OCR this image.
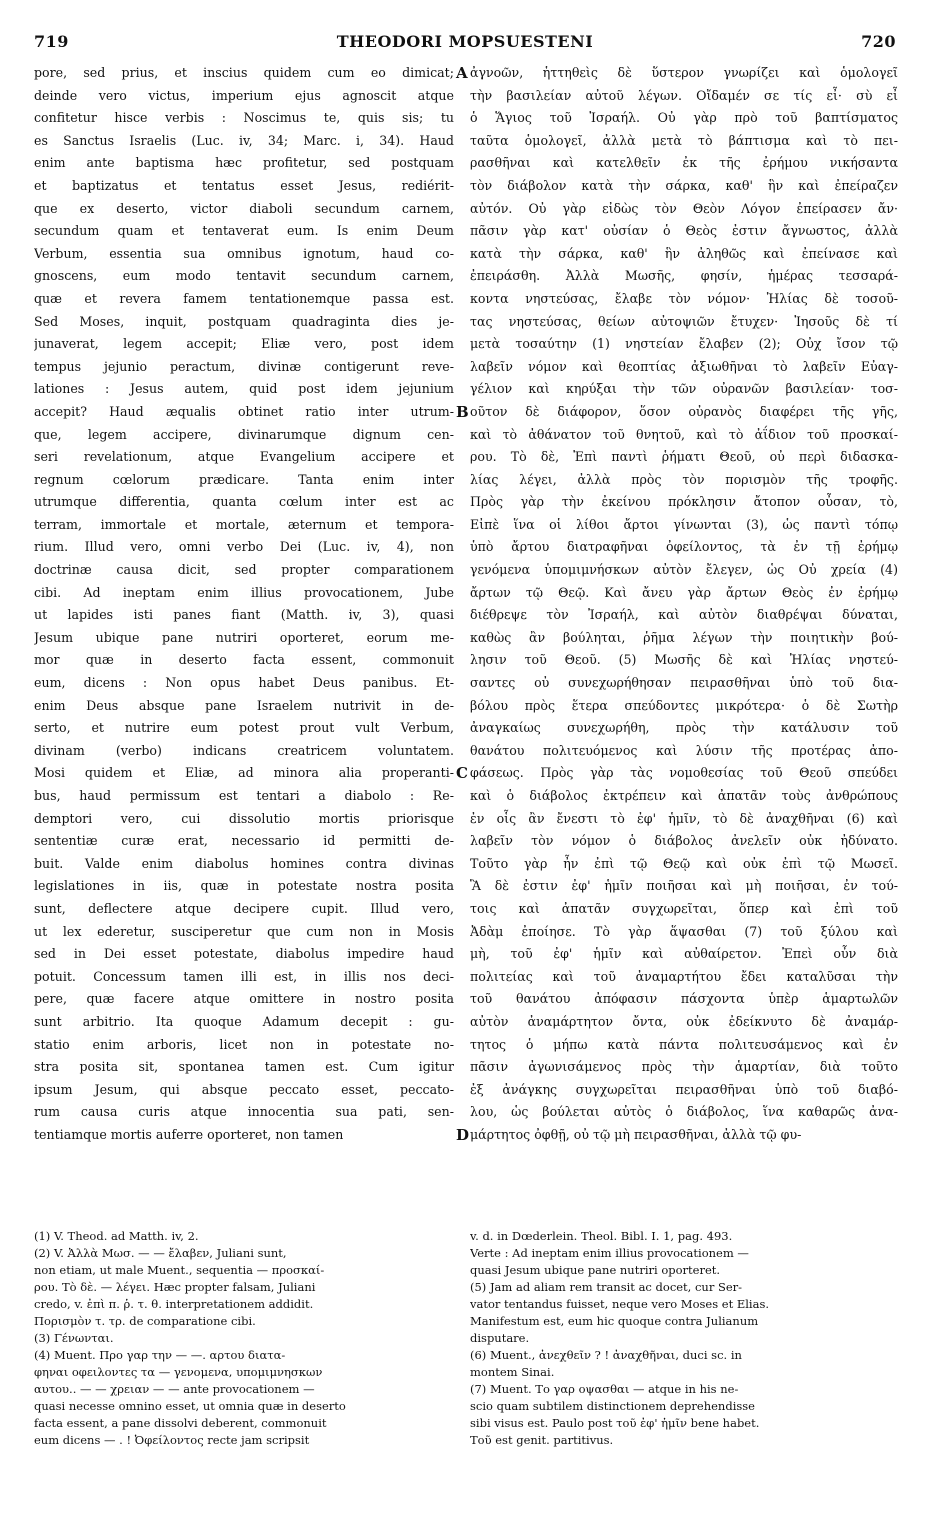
719	THEODORI MOPSUESTENI	720
pore, sed prius, et inscius quidem cum eo dimicat;
deinde vero victus, imperium ejus agnoscit atque
confitetur hisce verbis : Noscimus te, quis sis; tu
es Sanctus Israelis (Luc. iv, 34; Marc. i, 34). Haud
enim ante baptisma hæc profitetur, sed postquam
et baptizatus et tentatus esset Jesus, rediérit-
que ex deserto, victor diaboli secundum carnem,
secundum quam et tentaverat eum. Is enim Deum
Verbum, essentia sua omnibus ignotum, haud co-
gnoscens, eum modo tentavit secundum carnem,
quæ et revera famem tentationemque passa est.
Sed Moses, inquit, postquam quadraginta dies je-
junaverat, legem accepit; Eliæ vero, post idem
tempus jejunio peractum, divinæ contigerunt reve-
lationes : Jesus autem, quid post idem jejunium
accepit? Haud æqualis obtinet ratio inter utrum-
que, legem accipere, divinarumque dignum cen-
seri revelationum, atque Evangelium accipere et
regnum cœlorum prædicare. Tanta enim inter
utrumque differentia, quanta cœlum inter est ac
terram, immortale et mortale, æternum et tempora-
rium. Illud vero, omni verbo Dei (Luc. iv, 4), non
doctrinæ causa dicit, sed propter comparationem
cibi. Ad ineptam enim illius provocationem, Jube
ut lapides isti panes fiant (Matth. iv, 3), quasi
Jesum ubique pane nutriri oporteret, eorum me-
mor quæ in deserto facta essent, commonuit
eum, dicens : Non opus habet Deus panibus. Et-
enim Deus absque pane Israelem nutrivit in de-
serto, et nutrire eum potest prout vult Verbum,
divinam (verbo) indicans creatricem voluntatem.
Mosi quidem et Eliæ, ad minora alia properanti-
bus, haud permissum est tentari a diabolo : Re-
demptori vero, cui dissolutio mortis priorisque
sententiæ curæ erat, necessario id permitti de-
buit. Valde enim diabolus homines contra divinas
legislationes in iis, quæ in potestate nostra posita
sunt, deflectere atque decipere cupit. Illud vero,
ut lex ederetur, susciperetur que cum non in Mosis
sed in Dei esset potestate, diabolus impedire haud
potuit. Concessum tamen illi est, in illis nos deci-
pere, quæ facere atque omittere in nostro posita
sunt arbitrio. Ita quoque Adamum decepit : gu-
statio enim arboris, licet non in potestate no-
stra posita sit, spontanea tamen est. Cum igitur
ipsum Jesum, qui absque peccato esset, peccato-
rum causa curis atque innocentia sua pati, sen-
tentiamque mortis auferre oporteret, non tamen
ἀγνοῶν, ἡττηθεὶς δὲ ὕστερον γνωρίζει καὶ ὁμολογεῖ
τὴν βασιλείαν αὐτοῦ λέγων. Οἴδαμέν σε τίς εἶ· σὺ εἶ
ὁ Ἅγιος τοῦ Ἰσραήλ. Οὐ γὰρ πρὸ τοῦ βαπτίσματος
ταῦτα ὁμολογεῖ, ἀλλὰ μετὰ τὸ βάπτισμα καὶ τὸ πει-
ρασθῆναι καὶ κατελθεῖν ἐκ τῆς ἐρήμου νικήσαντα
τὸν διάβολον κατὰ τὴν σάρκα, καθ' ἣν καὶ ἐπείραζεν
αὐτόν. Οὐ γὰρ εἰδὼς τὸν Θεὸν Λόγον ἐπείρασεν ἄν·
πᾶσιν γὰρ κατ' οὐσίαν ὁ Θεὸς ἐστιν ἄγνωστος, ἀλλὰ
κατὰ τὴν σάρκα, καθ' ἣν ἀληθῶς καὶ ἐπείνασε καὶ
ἐπειράσθη. Ἀλλὰ Μωσῆς, φησίν, ἡμέρας τεσσαρά-
κοντα νηστεύσας, ἔλαβε τὸν νόμον· Ἠλίας δὲ τοσοῦ-
τας νηστεύσας, θείων αὐτοψιῶν ἔτυχεν· Ἰησοῦς δὲ τί
μετὰ τοσαύτην (1) νηστείαν ἔλαβεν (2); Οὐχ ἴσον τῷ
λαβεῖν νόμον καὶ θεοπτίας ἀξιωθῆναι τὸ λαβεῖν Εὐαγ-
γέλιον καὶ κηρύξαι τὴν τῶν οὐρανῶν βασιλείαν· τοσ-
οῦτον δὲ διάφορον, ὅσον οὐρανὸς διαφέρει τῆς γῆς,
καὶ τὸ ἀθάνατον τοῦ θνητοῦ, καὶ τὸ ἀΐδιον τοῦ προσκαί-
ρου. Τὸ δὲ, Ἐπὶ παντὶ ῥήματι Θεοῦ, οὐ περὶ διδασκα-
λίας λέγει, ἀλλὰ πρὸς τὸν πορισμὸν τῆς τροφῆς.
Πρὸς γὰρ τὴν ἐκείνου πρόκλησιν ἄτοπον οὖσαν, τὸ,
Εἰπὲ ἵνα οἱ λίθοι ἄρτοι γίνωνται (3), ὡς παντὶ τόπῳ
ὑπὸ ἄρτου διατραφῆναι ὀφείλοντος, τὰ ἐν τῇ ἐρήμῳ
γενόμενα ὑπομιμνήσκων αὐτὸν ἔλεγεν, ὡς Οὐ χρεία (4)
ἄρτων τῷ Θεῷ. Καὶ ἄνευ γὰρ ἄρτων Θεὸς ἐν ἐρήμῳ
διέθρεψε τὸν Ἰσραήλ, καὶ αὐτὸν διαθρέψαι δύναται,
καθὼς ἂν βούληται, ῥῆμα λέγων τὴν ποιητικὴν βού-
λησιν τοῦ Θεοῦ. (5) Μωσῆς δὲ καὶ Ἠλίας νηστεύ-
σαντες οὐ συνεχωρήθησαν πειρασθῆναι ὑπὸ τοῦ δια-
βόλου πρὸς ἕτερα σπεύδοντες μικρότερα· ὁ δὲ Σωτὴρ
ἀναγκαίως συνεχωρήθη, πρὸς τὴν κατάλυσιν τοῦ
θανάτου πολιτευόμενος καὶ λύσιν τῆς προτέρας ἀπο-
φάσεως. Πρὸς γὰρ τὰς νομοθεσίας τοῦ Θεοῦ σπεύδει
καὶ ὁ διάβολος ἐκτρέπειν καὶ ἀπατᾶν τοὺς ἀνθρώπους
ἐν οἷς ἂν ἔνεστι τὸ ἐφ' ἡμῖν, τὸ δὲ ἀναχθῆναι (6) καὶ
λαβεῖν τὸν νόμον ὁ διάβολος ἀνελεῖν οὐκ ἠδύνατο.
Τοῦτο γὰρ ἦν ἐπὶ τῷ Θεῷ καὶ οὐκ ἐπὶ τῷ Μωσεῖ.
Ἃ δὲ ἐστιν ἐφ' ἡμῖν ποιῆσαι καὶ μὴ ποιῆσαι, ἐν τού-
τοις καὶ ἀπατᾶν συγχωρεῖται, ὅπερ καὶ ἐπὶ τοῦ
Ἀδὰμ ἐποίησε. Τὸ γὰρ ἅψασθαι (7) τοῦ ξύλου καὶ
μὴ, τοῦ ἐφ' ἡμῖν καὶ αὐθαίρετον. Ἐπεὶ οὖν διὰ
πολιτείας καὶ τοῦ ἀναμαρτήτου ἔδει καταλῦσαι τὴν
τοῦ θανάτου ἀπόφασιν πάσχοντα ὑπὲρ ἁμαρτωλῶν
αὐτὸν ἀναμάρτητον ὄντα, οὐκ ἐδείκνυτο δὲ ἀναμάρ-
τητος ὁ μήπω κατὰ πάντα πολιτευσάμενος καὶ ἐν
πᾶσιν ἀγωνισάμενος πρὸς τὴν ἁμαρτίαν, διὰ τοῦτο
ἐξ ἀνάγκης συγχωρεῖται πειρασθῆναι ὑπὸ τοῦ διαβό-
λου, ὡς βούλεται αὐτὸς ὁ διάβολος, ἵνα καθαρῶς ἀνα-
μάρτητος ὀφθῇ, οὐ τῷ μὴ πειρασθῆναι, ἀλλὰ τῷ φυ-
A
B
C
D
(1) V. Theod. ad Matth. iv, 2.
(2) V. Ἀλλὰ Μωσ. — — ἔλαβεν, Juliani sunt,
non etiam, ut male Muent., sequentia — προσκαί-
ρου. Τὸ δὲ. — λέγει. Hæc propter falsam, Juliani
credo, v. ἐπὶ π. ῥ. τ. θ. interpretationem addidit.
Πορισμὸν τ. τρ. de comparatione cibi.
(3) Γένωνται.
(4) Muent. Προ γαρ την — —. αρτου διατα-
φηναι οφειλοντες τα — γενομενα, υπομιμνησκων
αυτου.. — — χρειαν — — ante provocationem —
quasi necesse omnino esset, ut omnia quæ in deserto
facta essent, a pane dissolvi deberent, commonuit
eum dicens — . ! Ὀφείλοντος recte jam scripsit
v. d. in Dœderlein. Theol. Bibl. I. 1, pag. 493.
Verte : Ad ineptam enim illius provocationem —
quasi Jesum ubique pane nutriri oporteret.
(5) Jam ad aliam rem transit ac docet, cur Ser-
vator tentandus fuisset, neque vero Moses et Elias.
Manifestum est, eum hic quoque contra Julianum
disputare.
(6) Muent., ἀνεχθεῖν ? ! ἀναχθῆναι, duci sc. in
montem Sinai.
(7) Muent. Το γαρ οψασθαι — atque in his ne-
scio quam subtilem distinctionem deprehendisse
sibi visus est. Paulo post τοῦ ἐφ' ἡμῖν bene habet.
Τοῦ est genit. partitivus.
